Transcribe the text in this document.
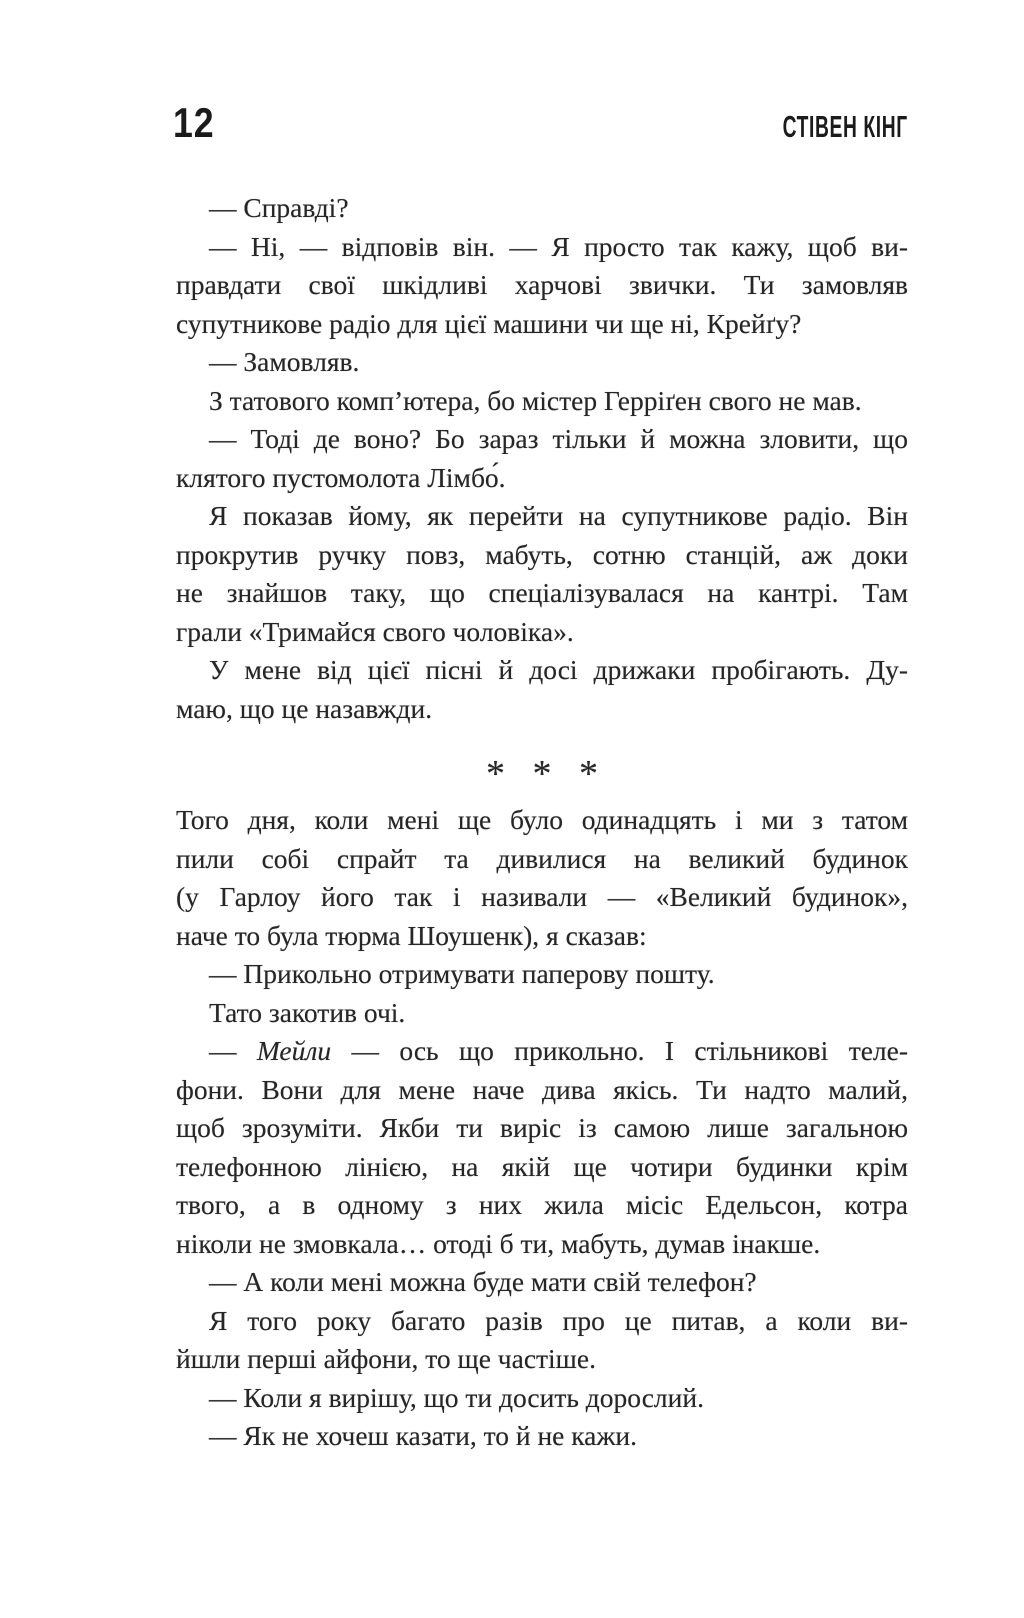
12	СТІВЕН КІНГ
— Справді?
— Ні, — відповів він. — Я просто так кажу, щоб ви-
правдати свої шкідливі харчові звички. Ти замовляв
супутникове радіо для цієї машини чи ще ні, Крейґу?
— Замовляв.
З татового комп’ютера, бо містер Герріґен свого не мав.
— Тоді де воно? Бо зараз тільки й можна зловити, що
клятого пустомолота Лімбо́.
Я показав йому, як перейти на супутникове радіо. Він
прокрутив ручку повз, мабуть, сотню станцій, аж доки
не знайшов таку, що спеціалізувалася на кантрі. Там
грали «Тримайся свого чоловіка».
У мене від цієї пісні й досі дрижаки пробігають. Ду-
маю, що це назавжди.
* * *
Того дня, коли мені ще було одинадцять і ми з татом
пили собі спрайт та дивилися на великий будинок
(у Гарлоу його так і називали — «Великий будинок»,
наче то була тюрма Шоушенк), я сказав:
— Прикольно отримувати паперову пошту.
Тато закотив очі.
— Мейли — ось що прикольно. І стільникові теле-
фони. Вони для мене наче дива якісь. Ти надто малий,
щоб зрозуміти. Якби ти виріс із самою лише загальною
телефонною лінією, на якій ще чотири будинки крім
твого, а в одному з них жила місіс Едельсон, котра
ніколи не змовкала… отоді б ти, мабуть, думав інакше.
— А коли мені можна буде мати свій телефон?
Я того року багато разів про це питав, а коли ви-
йшли перші айфони, то ще частіше.
— Коли я вирішу, що ти досить дорослий.
— Як не хочеш казати, то й не кажи.
